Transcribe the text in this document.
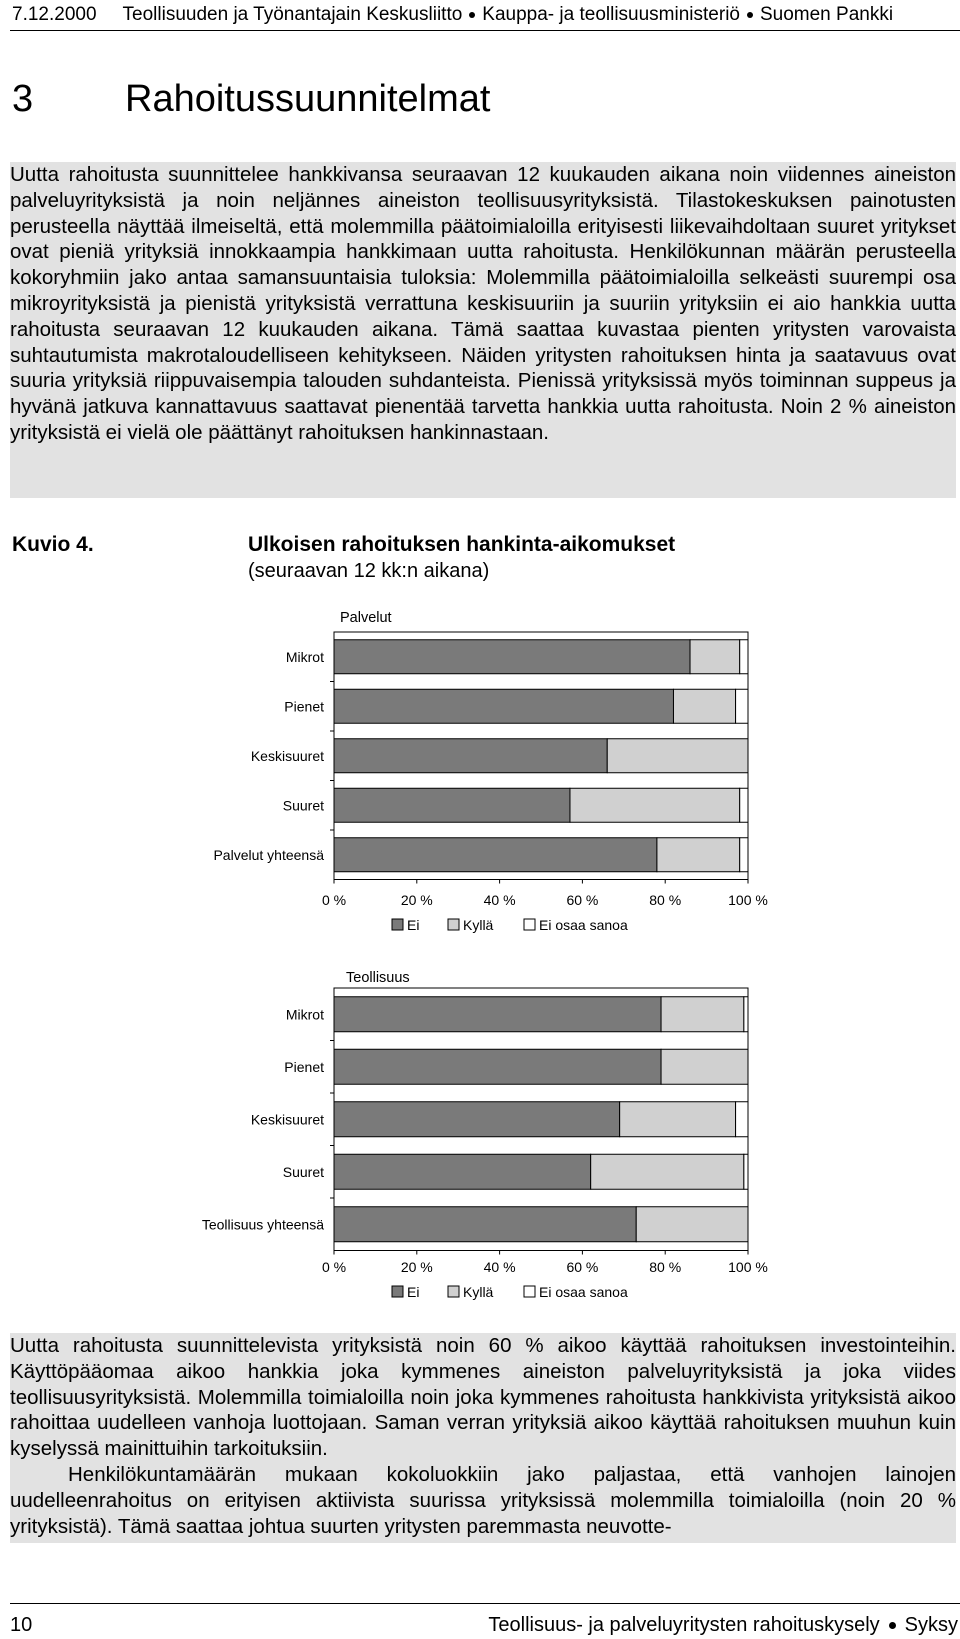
7.12.2000 Teollisuuden ja Työnantajain Keskusliitto Kauppa- ja teollisuusministeriö Suomen Pankki
3 Rahoitussuunnitelmat
Uutta rahoitusta suunnittelee hankkivansa seuraavan 12 kuukauden aikana noin viidennes aineiston palveluyrityksistä ja noin neljännes aineiston teollisuusyrityksistä. Tilastokeskuksen painotusten perusteella näyttää ilmeiseltä, että molemmilla päätoimialoilla erityisesti liikevaihdoltaan suuret yritykset ovat pieniä yrityksiä innokkaampia hankkimaan uutta rahoitusta. Henkilökunnan määrän perusteella kokoryhmiin jako antaa samansuuntaisia tuloksia: Molemmilla päätoimialoilla selkeästi suurempi osa mikroyrityksistä ja pienistä yrityksistä verrattuna keskisuuriin ja suuriin yrityksiin ei aio hankkia uutta rahoitusta seuraavan 12 kuukauden aikana. Tämä saattaa kuvastaa pienten yritysten varovaista suhtautumista makrotaloudelliseen kehitykseen. Näiden yritysten rahoituksen hinta ja saatavuus ovat suuria yrityksiä riippuvaisempia talouden suhdanteista. Pienissä yrityksissä myös toiminnan suppeus ja hyvänä jatkuva kannattavuus saattavat pienentää tarvetta hankkia uutta rahoitusta. Noin 2 % aineiston yrityksistä ei vielä ole päättänyt rahoituksen hankinnastaan.
Kuvio 4.	Ulkoisen rahoituksen hankinta-aikomukset
(seuraavan 12 kk:n aikana)
Palvelut
Mikrot
Pienet
Keskisuuret
Suuret
Palvelut yhteensä
0 %	20 %	40 %	60 %	80 %	100 %
Ei	Kyllä	Ei osaa sanoa
Teollisuus
Mikrot
Pienet
Keskisuuret
Suuret
Teollisuus yhteensä
0 %	20 %	40 %	60 %	80 %	100 %
Ei	Kyllä	Ei osaa sanoa
Uutta rahoitusta suunnittelevista yrityksistä noin 60 % aikoo käyttää rahoituksen investointeihin. Käyttöpääomaa aikoo hankkia joka kymmenes aineiston palveluyrityksistä ja joka viides teollisuusyrityksistä. Molemmilla toimialoilla noin joka kymmenes rahoitusta hankkivista yrityksistä aikoo rahoittaa uudelleen vanhoja luottojaan. Saman verran yrityksiä aikoo käyttää rahoituksen muuhun kuin kyselyssä mainittuihin tarkoituksiin.
Henkilökuntamäärän mukaan kokoluokkiin jako paljastaa, että vanhojen lainojen uudelleenrahoitus on erityisen aktiivista suurissa yrityksissä molemmilla toimialoilla (noin 20 % yrityksistä). Tämä saattaa johtua suurten yritysten paremmasta neuvotte-
10	Teollisuus- ja palveluyritysten rahoituskysely Syksy
